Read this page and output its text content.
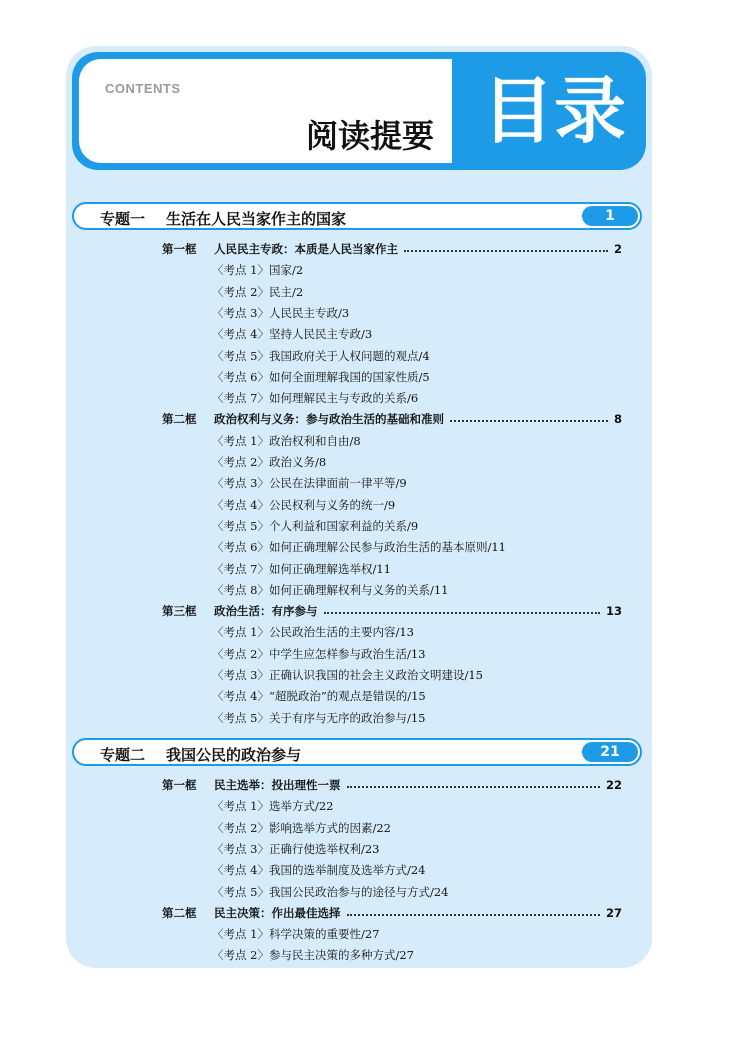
CONTENTS
阅读提要 目录
专题一 生活在人民当家作主的国家	1
第一框	人民民主专政：本质是人民当家作主	2
〈考点 1〉国家/2
〈考点 2〉民主/2
〈考点 3〉人民民主专政/3
〈考点 4〉坚持人民民主专政/3
〈考点 5〉我国政府关于人权问题的观点/4
〈考点 6〉如何全面理解我国的国家性质/5
〈考点 7〉如何理解民主与专政的关系/6
第二框	政治权利与义务：参与政治生活的基础和准则	8
〈考点 1〉政治权利和自由/8
〈考点 2〉政治义务/8
〈考点 3〉公民在法律面前一律平等/9
〈考点 4〉公民权利与义务的统一/9
〈考点 5〉个人利益和国家利益的关系/9
〈考点 6〉如何正确理解公民参与政治生活的基本原则/11
〈考点 7〉如何正确理解选举权/11
〈考点 8〉如何正确理解权利与义务的关系/11
第三框	政治生活：有序参与	13
〈考点 1〉公民政治生活的主要内容/13
〈考点 2〉中学生应怎样参与政治生活/13
〈考点 3〉正确认识我国的社会主义政治文明建设/15
〈考点 4〉“超脱政治”的观点是错误的/15
〈考点 5〉关于有序与无序的政治参与/15
专题二 我国公民的政治参与	21
第一框	民主选举：投出理性一票	22
〈考点 1〉选举方式/22
〈考点 2〉影响选举方式的因素/22
〈考点 3〉正确行使选举权利/23
〈考点 4〉我国的选举制度及选举方式/24
〈考点 5〉我国公民政治参与的途径与方式/24
第二框	民主决策：作出最佳选择	27
〈考点 1〉科学决策的重要性/27
〈考点 2〉参与民主决策的多种方式/27
